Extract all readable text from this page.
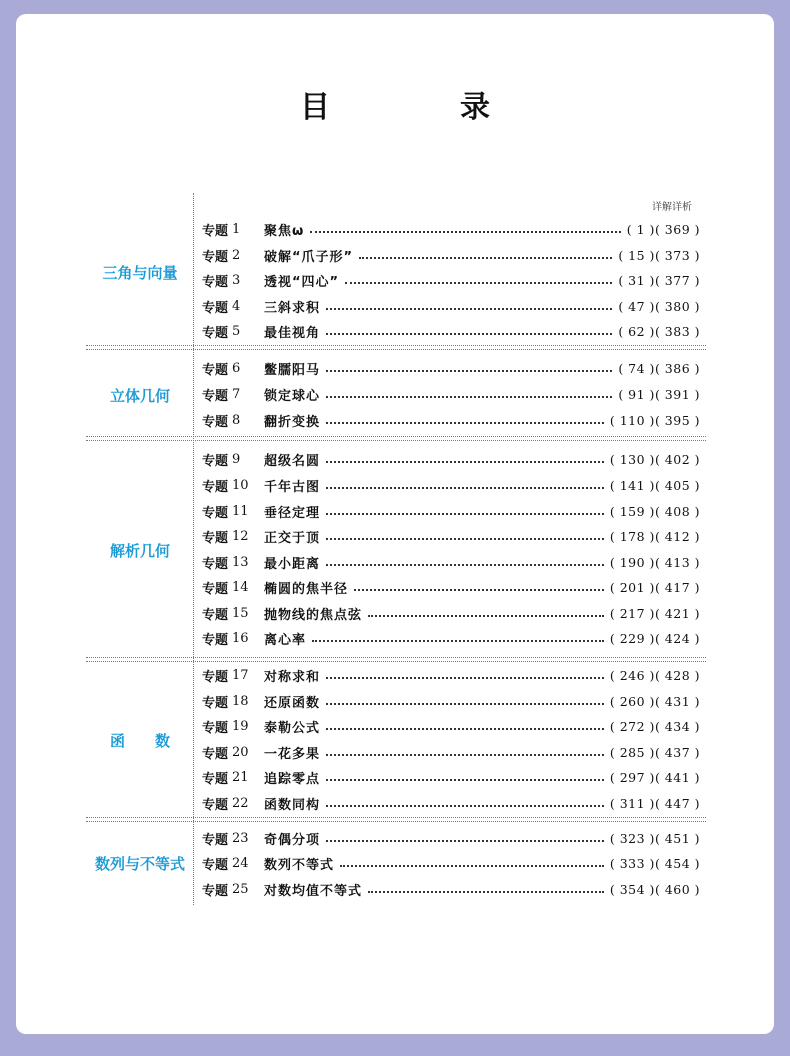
目　录
详解详析
三角与向量
专题 1	聚焦ω	( 1 )( 369 )
专题 2	破解“爪子形”	( 15 )( 373 )
专题 3	透视“四心”	( 31 )( 377 )
专题 4	三斜求积	( 47 )( 380 )
专题 5	最佳视角	( 62 )( 383 )
立体几何
专题 6	鳖臑阳马	( 74 )( 386 )
专题 7	锁定球心	( 91 )( 391 )
专题 8	翻折变换	( 110 )( 395 )
解析几何
专题 9	超级名圆	( 130 )( 402 )
专题 10	千年古图	( 141 )( 405 )
专题 11	垂径定理	( 159 )( 408 )
专题 12	正交于顶	( 178 )( 412 )
专题 13	最小距离	( 190 )( 413 )
专题 14	椭圆的焦半径	( 201 )( 417 )
专题 15	抛物线的焦点弦	( 217 )( 421 )
专题 16	离心率	( 229 )( 424 )
函　　数
专题 17	对称求和	( 246 )( 428 )
专题 18	还原函数	( 260 )( 431 )
专题 19	泰勒公式	( 272 )( 434 )
专题 20	一花多果	( 285 )( 437 )
专题 21	追踪零点	( 297 )( 441 )
专题 22	函数同构	( 311 )( 447 )
数列与不等式
专题 23	奇偶分项	( 323 )( 451 )
专题 24	数列不等式	( 333 )( 454 )
专题 25	对数均值不等式	( 354 )( 460 )
